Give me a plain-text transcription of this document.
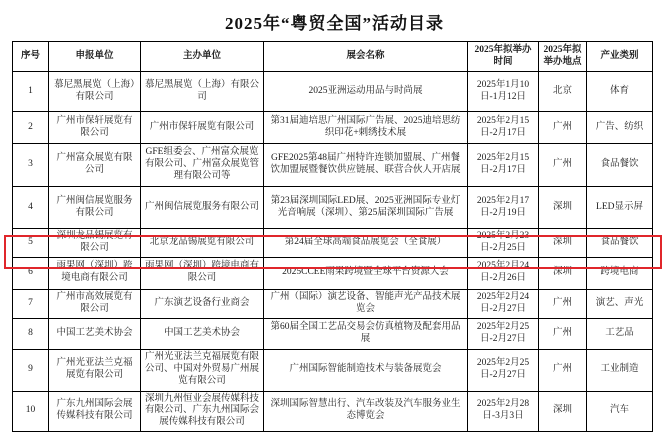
2025年“粤贸全国”活动目录
序号	申报单位	主办单位	展会名称	2025年拟举办时间	2025年拟举办地点	产业类别
1	慕尼黑展览（上海）有限公司	慕尼黑展览（上海）有限公司	2025亚洲运动用品与时尚展	2025年1月10日-1月12日	北京	体育
2	广州市保轩展览有限公司	广州市保轩展览有限公司	第31届迪培思广州国际广告展、2025迪培思纺织印花+刺绣技术展	2025年2月15日-2月17日	广州	广告、纺织
3	广州富众展览有限公司	GFE组委会、广州富众展览有限公司、广州富众展览管理有限公司等	GFE2025第48届广州特许连锁加盟展、广州餐饮加盟展暨餐饮供应链展、联营合伙人开店展	2025年2月15日-2月17日	广州	食品餐饮
4	广州闽信展览服务有限公司	广州闽信展览服务有限公司	第23届深圳国际LED展、2025亚洲国际专业灯光音响展（深圳）、第25届深圳国际广告展	2025年2月17日-2月19日	深圳	LED显示屏
5	深圳龙品锡展览有限公司	北京龙品锡展览有限公司	第24届全球高端食品展览会（全食展）	2025年2月23日-2月25日	深圳	食品餐饮
6	雨果网（深圳）跨境电商有限公司	雨果网（深圳）跨境电商有限公司	2025CCEE雨果跨境暨全球平台资源大会	2025年2月24日-2月26日	深圳	跨境电商
7	广州市高效展览有限公司	广东演艺设备行业商会	广州（国际）演艺设备、智能声光产品技术展览会	2025年2月24日-2月27日	广州	演艺、声光
8	中国工艺美术协会	中国工艺美术协会	第60届全国工艺品交易会仿真植物及配套用品展	2025年2月25日-2月27日	广州	工艺品
9	广州光亚法兰克福展览有限公司	广州光亚法兰克福展览有限公司、中国对外贸易广州展览有限公司	广州国际智能制造技术与装备展览会	2025年2月25日-2月27日	广州	工业制造
10	广东九州国际会展传媒科技有限公司	深圳九州恒业会展传媒科技有限公司、广东九州国际会展传媒科技有限公司	深圳国际智慧出行、汽车改装及汽车服务业生态博览会	2025年2月28日-3月3日	深圳	汽车
